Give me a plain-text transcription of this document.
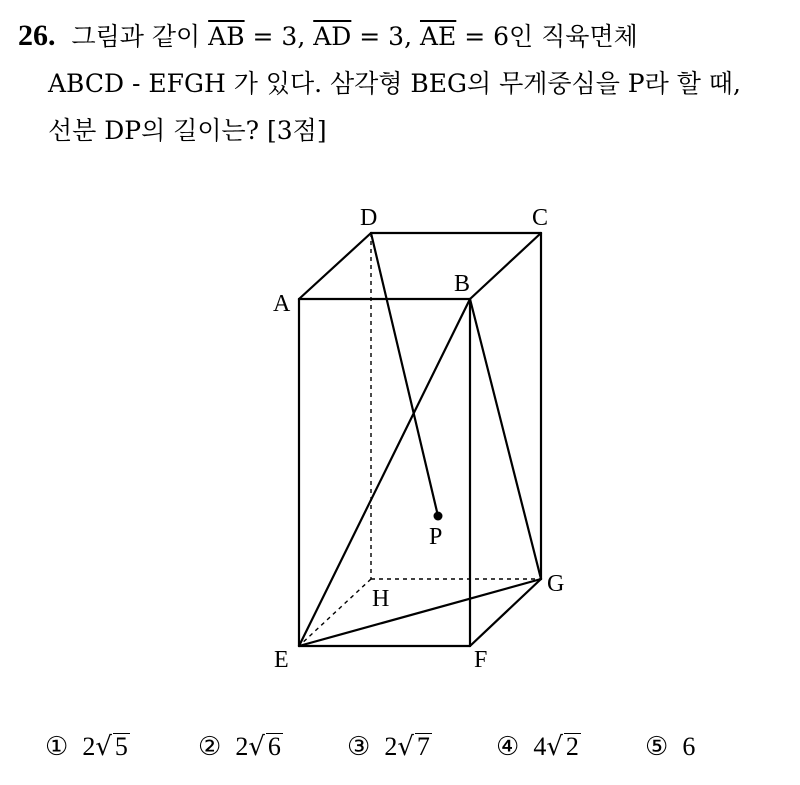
26. 그림과 같이 $\overline{AB} = 3$, $\overline{AD} = 3$, $\overline{AE} = 6$인 직육면체
ABCD - EFGH 가 있다. 삼각형 BEG의 무게중심을 P라 할 때,
선분 DP의 길이는? [3점]
D	C
A
B
P
H
G
E	F
① 2√ 5	② 2√ 6	③ 2√ 7	④ 4√ 2	⑤ 6
